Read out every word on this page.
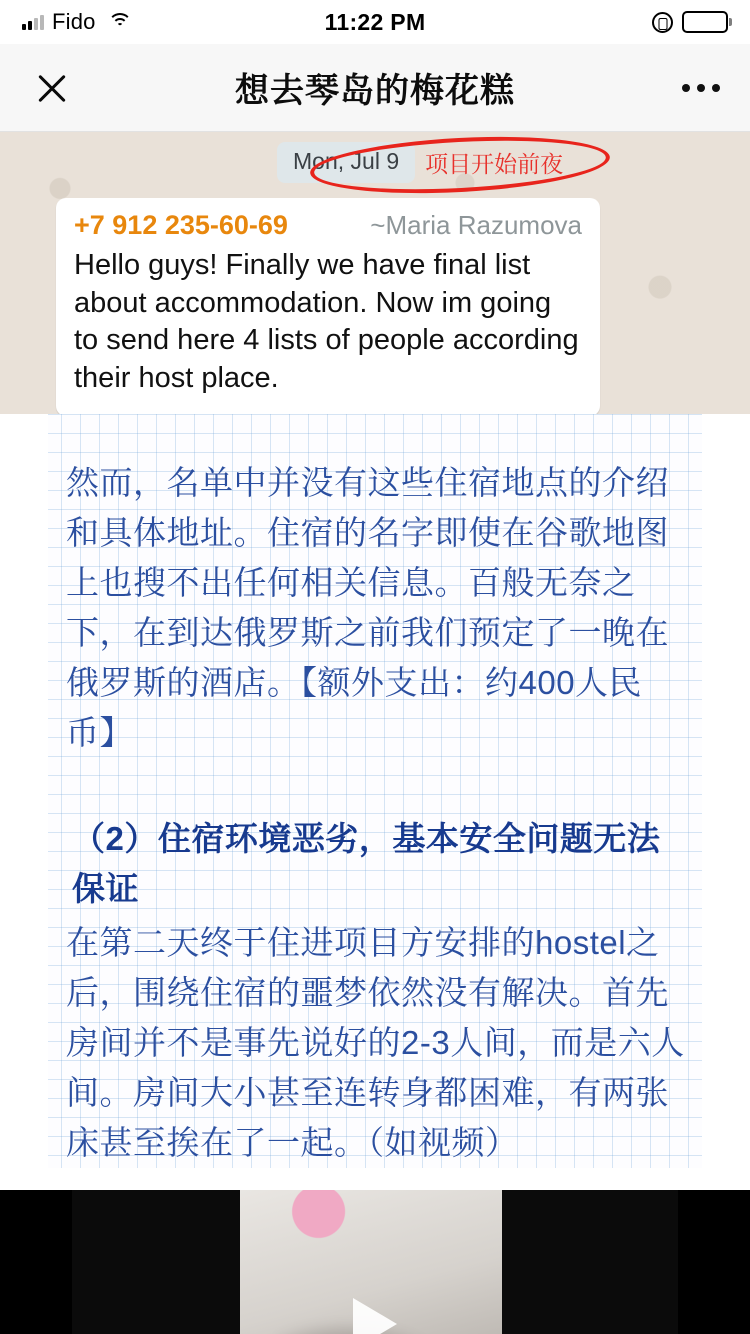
Fido	11:22 PM
想去琴岛的梅花糕
Mon, Jul 9	项目开始前夜
+7 912 235-60-69	~Maria Razumova
Hello guys! Finally we have final list about accommodation. Now im going to send here 4 lists of people according their host place.

然而，名单中并没有这些住宿地点的介绍和具体地址。住宿的名字即使在谷歌地图上也搜不出任何相关信息。百般无奈之下，在到达俄罗斯之前我们预定了一晚在俄罗斯的酒店。【额外支出：约400人民币】

（2）住宿环境恶劣，基本安全问题无法保证

在第二天终于住进项目方安排的hostel之后，围绕住宿的噩梦依然没有解决。首先房间并不是事先说好的2-3人间，而是六人间。房间大小甚至连转身都困难，有两张床甚至挨在了一起。（如视频）
